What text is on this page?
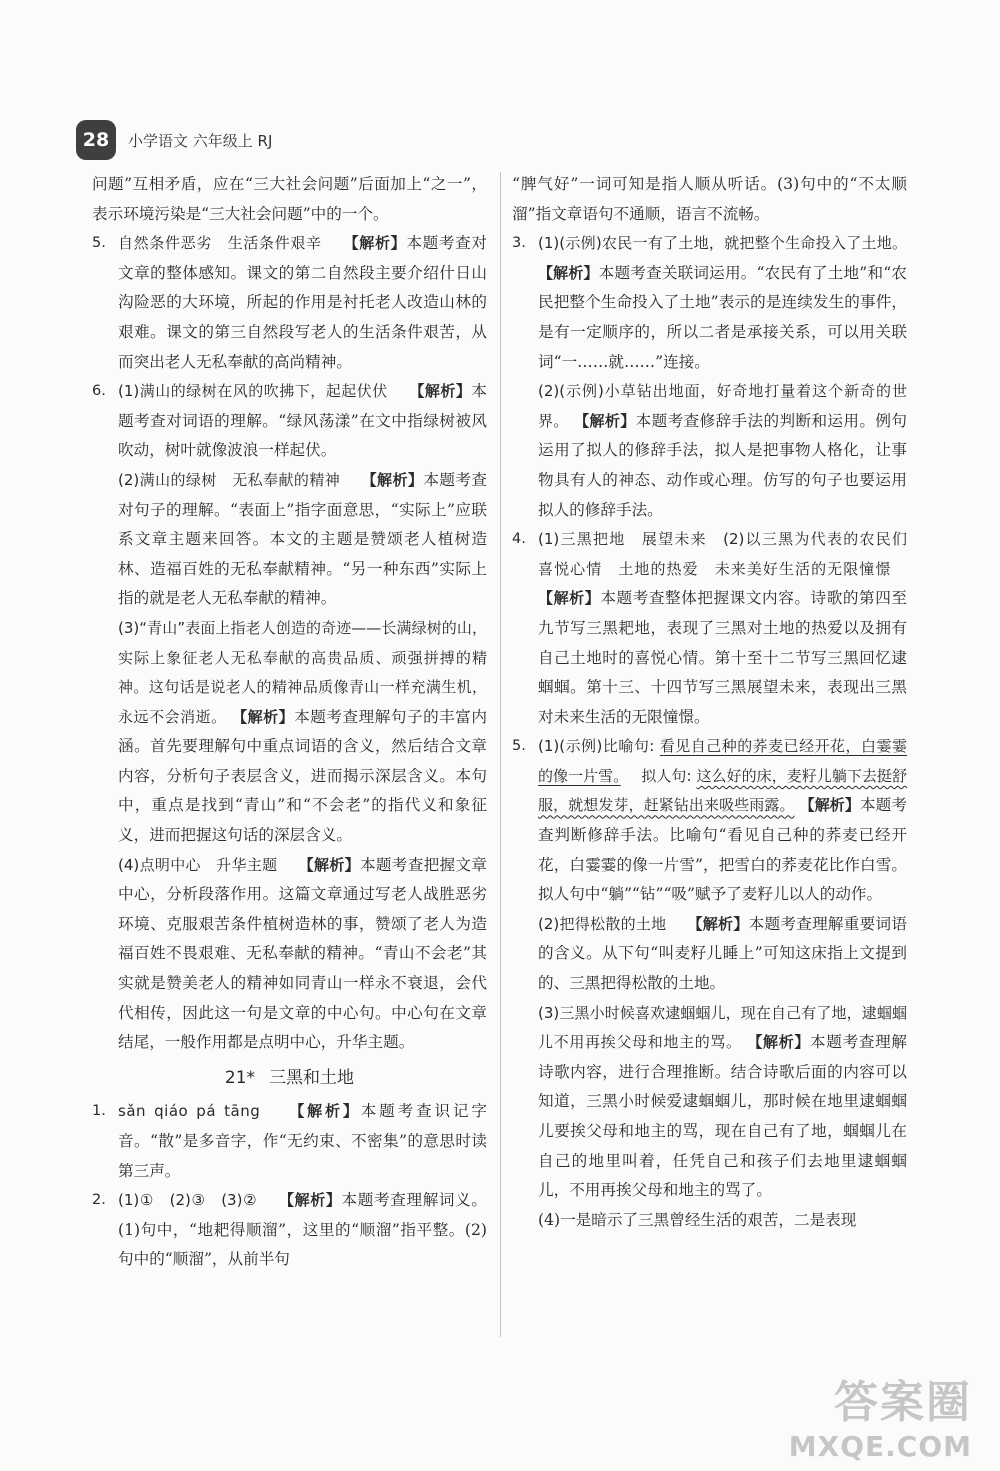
28	小学语文 六年级上 RJ

问题”互相矛盾，应在“三大社会问题”后面加上“之一”，表示环境污染是“三大社会问题”中的一个。

5. 自然条件恶劣　生活条件艰辛　 【解析】本题考查对文章的整体感知。课文的第二自然段主要介绍什日山沟险恶的大环境，所起的作用是衬托老人改造山林的艰难。课文的第三自然段写老人的生活条件艰苦，从而突出老人无私奉献的高尚精神。
6. (1)满山的绿树在风的吹拂下，起起伏伏　 【解析】本题考查对词语的理解。“绿风荡漾”在文中指绿树被风吹动，树叶就像波浪一样起伏。
(2)满山的绿树　无私奉献的精神　 【解析】本题考查对句子的理解。“表面上”指字面意思，“实际上”应联系文章主题来回答。本文的主题是赞颂老人植树造林、造福百姓的无私奉献精神。“另一种东西”实际上指的就是老人无私奉献的精神。
(3)“青山”表面上指老人创造的奇迹——长满绿树的山，实际上象征老人无私奉献的高贵品质、顽强拼搏的精神。这句话是说老人的精神品质像青山一样充满生机，永远不会消逝。 【解析】本题考查理解句子的丰富内涵。首先要理解句中重点词语的含义，然后结合文章内容，分析句子表层含义，进而揭示深层含义。本句中，重点是找到“青山”和“不会老”的指代义和象征义，进而把握这句话的深层含义。
(4)点明中心　升华主题　 【解析】本题考查把握文章中心，分析段落作用。这篇文章通过写老人战胜恶劣环境、克服艰苦条件植树造林的事，赞颂了老人为造福百姓不畏艰难、无私奉献的精神。“青山不会老”其实就是赞美老人的精神如同青山一样永不衰退，会代代相传，因此这一句是文章的中心句。中心句在文章结尾，一般作用都是点明中心，升华主题。
21* 三黑和土地
1. sǎn qiáo pá tāng　 【解析】本题考查识记字音。“散”是多音字，作“无约束、不密集”的意思时读第三声。
2. (1)①　(2)③　(3)②　 【解析】本题考查理解词义。(1)句中，“地耙得顺溜”，这里的“顺溜”指平整。(2)句中的“顺溜”，从前半句

“脾气好”一词可知是指人顺从听话。(3)句中的“不太顺溜”指文章语句不通顺，语言不流畅。

3. (1)(示例)农民一有了土地，就把整个生命投入了土地。 【解析】本题考查关联词运用。“农民有了土地”和“农民把整个生命投入了土地”表示的是连续发生的事件，是有一定顺序的，所以二者是承接关系，可以用关联词“一……就……”连接。
(2)(示例)小草钻出地面，好奇地打量着这个新奇的世界。 【解析】本题考查修辞手法的判断和运用。例句运用了拟人的修辞手法，拟人是把事物人格化，让事物具有人的神态、动作或心理。仿写的句子也要运用拟人的修辞手法。
4. (1)三黑把地　展望未来　(2)以三黑为代表的农民们　喜悦心情　土地的热爱　未来美好生活的无限憧憬　 【解析】本题考查整体把握课文内容。诗歌的第四至九节写三黑耙地，表现了三黑对土地的热爱以及拥有自己土地时的喜悦心情。第十至十二节写三黑回忆逮蝈蝈。第十三、十四节写三黑展望未来，表现出三黑对未来生活的无限憧憬。
5. (1)(示例)比喻句: 看见自己种的荞麦已经开花，白霎霎的像一片雪。　 拟人句: 这么好的床，麦籽儿躺下去挺舒服，就想发芽，赶紧钻出来吸些雨露。 【解析】本题考查判断修辞手法。比喻句“看见自己种的荞麦已经开花，白霎霎的像一片雪”，把雪白的荞麦花比作白雪。拟人句中“躺”“钻”“吸”赋予了麦籽儿以人的动作。
(2)把得松散的土地　 【解析】本题考查理解重要词语的含义。从下句“叫麦籽儿睡上”可知这床指上文提到的、三黑把得松散的土地。
(3)三黑小时候喜欢逮蝈蝈儿，现在自己有了地，逮蝈蝈儿不用再挨父母和地主的骂。 【解析】本题考查理解诗歌内容，进行合理推断。结合诗歌后面的内容可以知道，三黑小时候爱逮蝈蝈儿，那时候在地里逮蝈蝈儿要挨父母和地主的骂，现在自己有了地，蝈蝈儿在自己的地里叫着，任凭自己和孩子们去地里逮蝈蝈儿，不用再挨父母和地主的骂了。
(4)一是暗示了三黑曾经生活的艰苦，二是表现
答案圈
MXQE.COM
